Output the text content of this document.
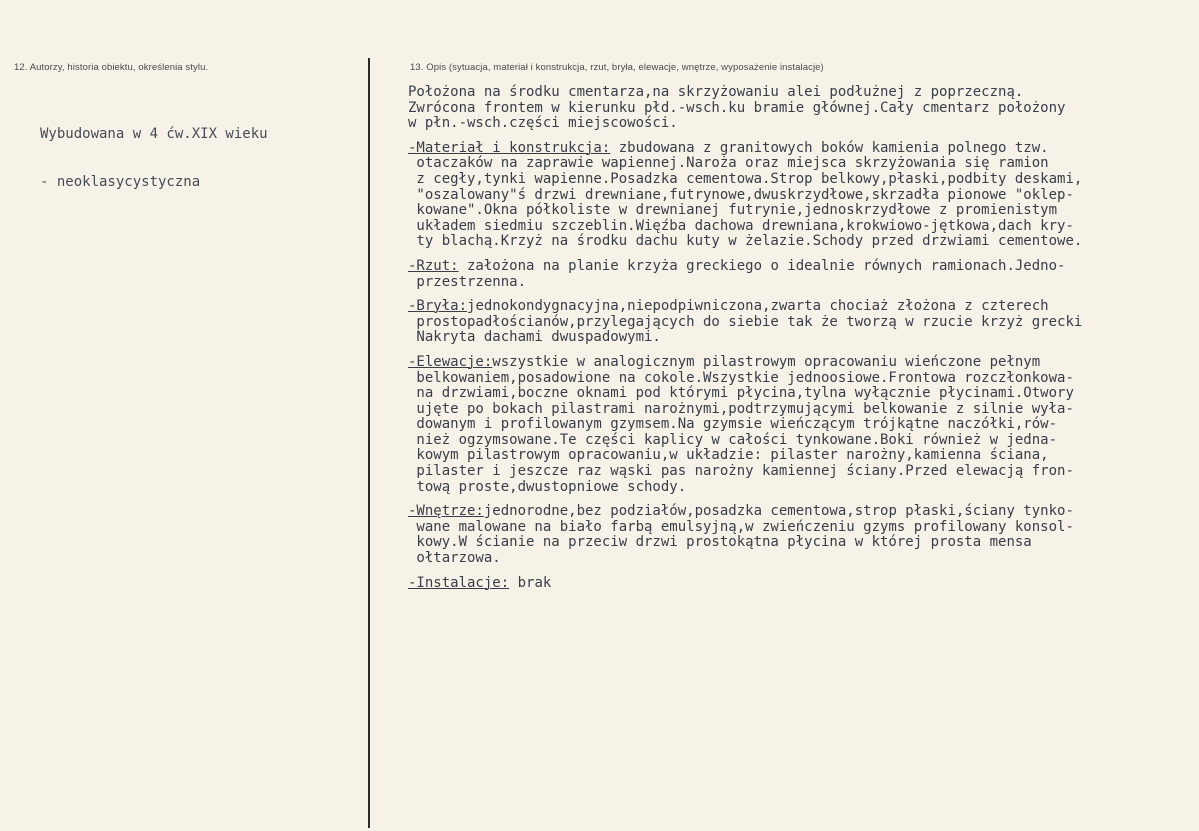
12. Autorzy, historia obiektu, określenia stylu.	13. Opis (sytuacja, materiał i konstrukcja, rzut, bryła, elewacje, wnętrze, wyposażenie instalacje)

Wybudowana w 4 ćw.XIX wieku

- neoklasycystyczna

Położona na środku cmentarza,na skrzyżowaniu alei podłużnej z poprzeczną.
Zwrócona frontem w kierunku płd.-wsch.ku bramie głównej.Cały cmentarz położony
w płn.-wsch.części miejscowości.
-Materiał i konstrukcja: zbudowana z granitowych boków kamienia polnego tzw.
otaczaków na zaprawie wapiennej.Naroża oraz miejsca skrzyżowania się ramion
z cegły,tynki wapienne.Posadzka cementowa.Strop belkowy,płaski,podbity deskami,
"oszalowany"ś drzwi drewniane,futrynowe,dwuskrzydłowe,skrzadła pionowe "oklep-
kowane".Okna półkoliste w drewnianej futrynie,jednoskrzydłowe z promienistym
układem siedmiu szczeblin.Więźba dachowa drewniana,krokwiowo-jętkowa,dach kry-
ty blachą.Krzyż na środku dachu kuty w żelazie.Schody przed drzwiami cementowe.
-Rzut: założona na planie krzyża greckiego o idealnie równych ramionach.Jedno-
przestrzenna.
-Bryła:jednokondygnacyjna,niepodpiwniczona,zwarta chociaż złożona z czterech
prostopadłościanów,przylegających do siebie tak że tworzą w rzucie krzyż grecki
Nakryta dachami dwuspadowymi.
-Elewacje:wszystkie w analogicznym pilastrowym opracowaniu wieńczone pełnym
belkowaniem,posadowione na cokole.Wszystkie jednoosiowe.Frontowa rozczłonkowa-
na drzwiami,boczne oknami pod którymi płycina,tylna wyłącznie płycinami.Otwory
ujęte po bokach pilastrami narożnymi,podtrzymującymi belkowanie z silnie wyła-
dowanym i profilowanym gzymsem.Na gzymsie wieńczącym trójkątne naczółki,rów-
nież ogzymsowane.Te części kaplicy w całości tynkowane.Boki również w jedna-
kowym pilastrowym opracowaniu,w układzie: pilaster narożny,kamienna ściana,
pilaster i jeszcze raz wąski pas narożny kamiennej ściany.Przed elewacją fron-
tową proste,dwustopniowe schody.
-Wnętrze:jednorodne,bez podziałów,posadzka cementowa,strop płaski,ściany tynko-
wane malowane na biało farbą emulsyjną,w zwieńczeniu gzyms profilowany konsol-
kowy.W ścianie na przeciw drzwi prostokątna płycina w której prosta mensa
ołtarzowa.
-Instalacje: brak
